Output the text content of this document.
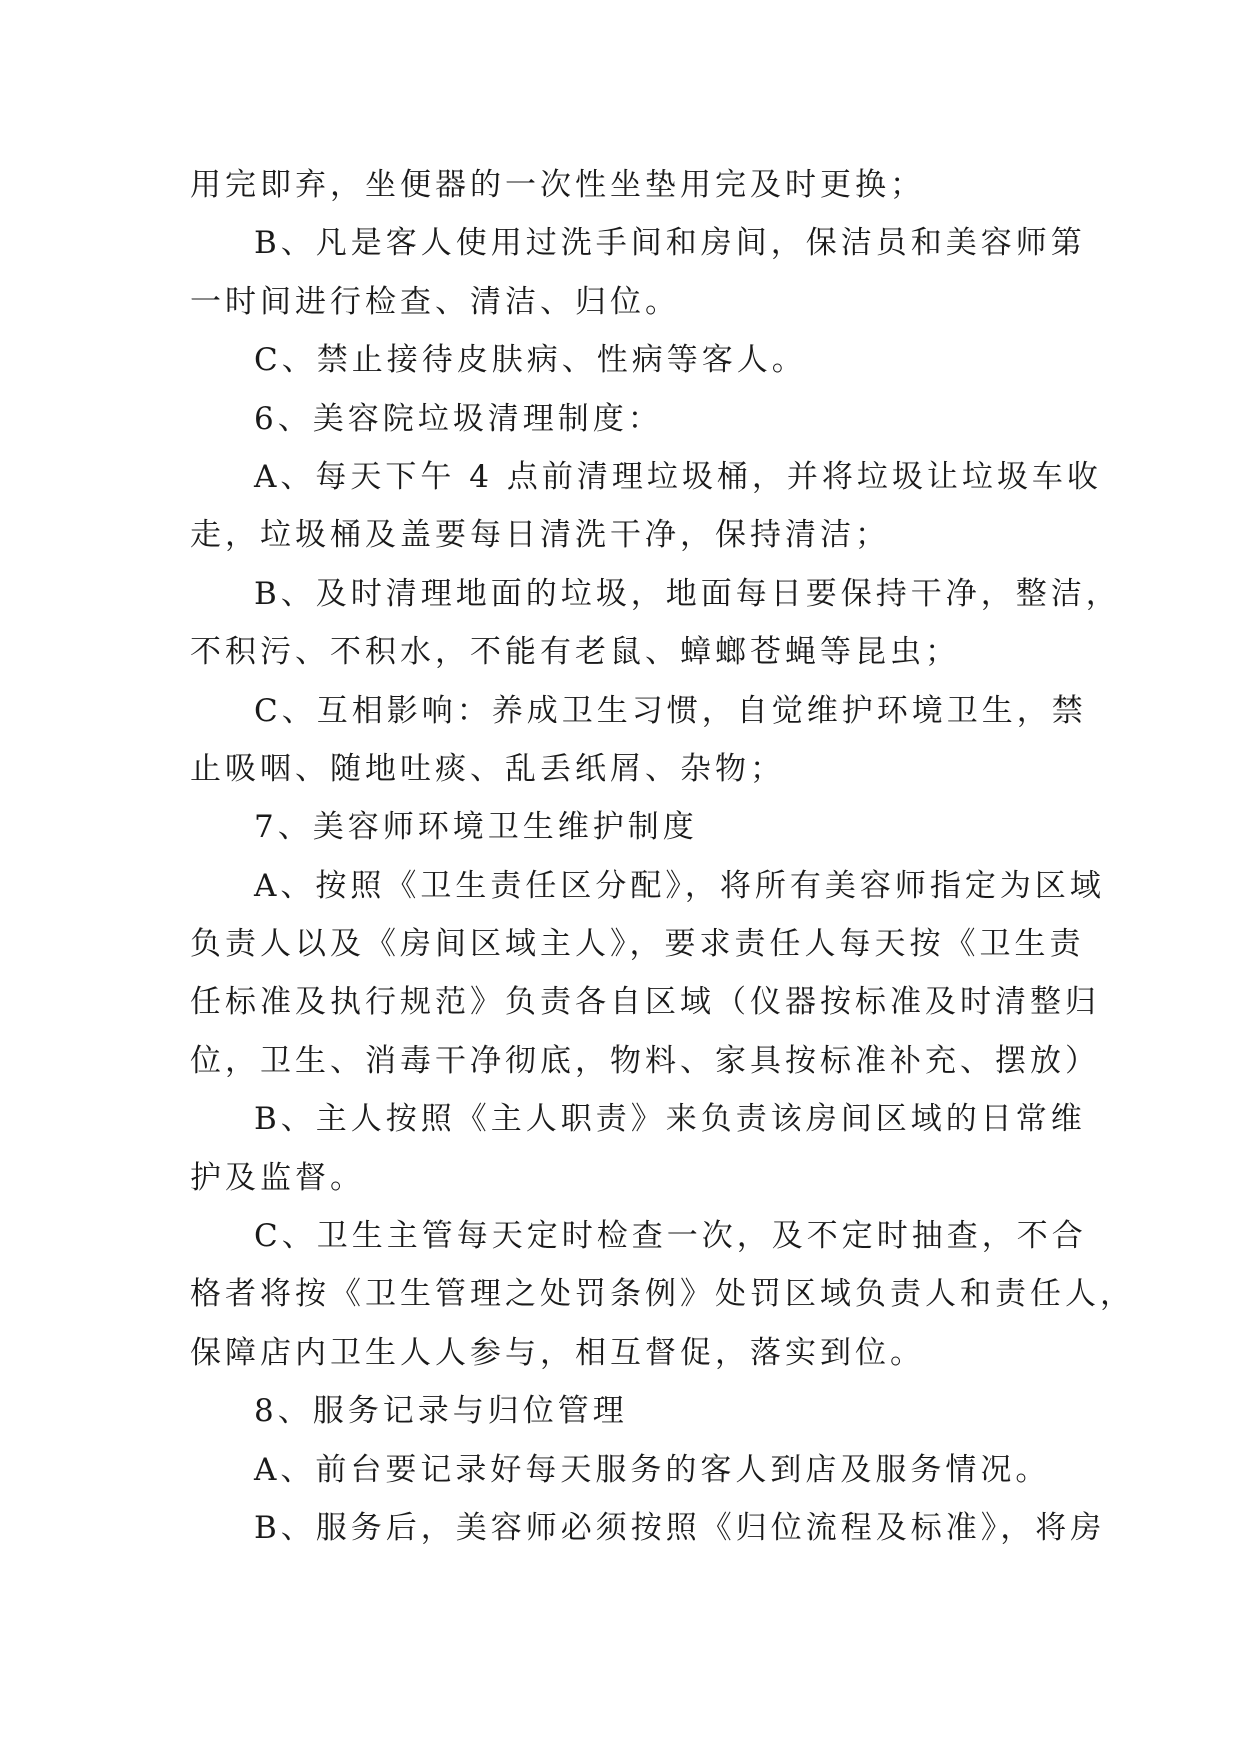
用完即弃，坐便器的一次性坐垫用完及时更换；
B、凡是客人使用过洗手间和房间，保洁员和美容师第
一时间进行检查、清洁、归位。
C、禁止接待皮肤病、性病等客人。
6、美容院垃圾清理制度：
A、每天下午 4 点前清理垃圾桶，并将垃圾让垃圾车收
走，垃圾桶及盖要每日清洗干净，保持清洁；
B、及时清理地面的垃圾，地面每日要保持干净，整洁，
不积污、不积水，不能有老鼠、蟑螂苍蝇等昆虫；
C、互相影响：养成卫生习惯，自觉维护环境卫生，禁
止吸咽、随地吐痰、乱丢纸屑、杂物；
7、美容师环境卫生维护制度
A、按照《卫生责任区分配》，将所有美容师指定为区域
负责人以及《房间区域主人》，要求责任人每天按《卫生责
任标准及执行规范》负责各自区域（仪器按标准及时清整归
位，卫生、消毒干净彻底，物料、家具按标准补充、摆放）
B、主人按照《主人职责》来负责该房间区域的日常维
护及监督。
C、卫生主管每天定时检查一次，及不定时抽查，不合
格者将按《卫生管理之处罚条例》处罚区域负责人和责任人，
保障店内卫生人人参与，相互督促，落实到位。
8、服务记录与归位管理
A、前台要记录好每天服务的客人到店及服务情况。
B、服务后，美容师必须按照《归位流程及标准》，将房
